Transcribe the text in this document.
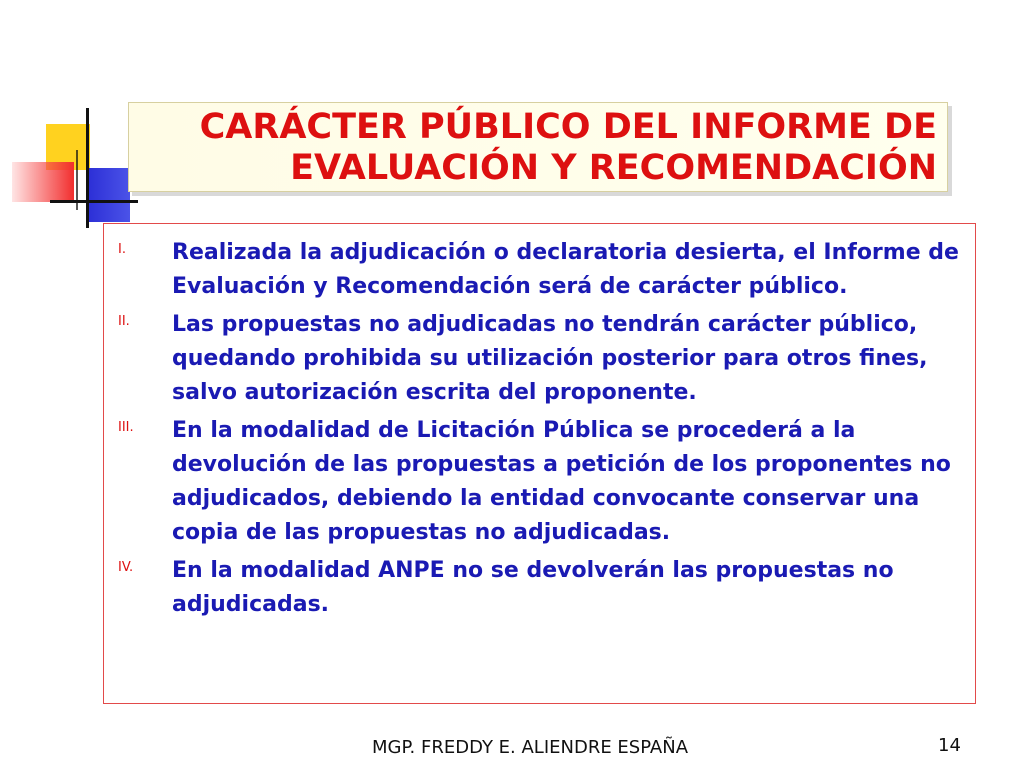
CARÁCTER PÚBLICO DEL INFORME DE
EVALUACIÓN Y RECOMENDACIÓN
I. Realizada la adjudicación o declaratoria desierta, el Informe de Evaluación y Recomendación será de carácter público.
II. Las propuestas no adjudicadas no tendrán carácter público, quedando prohibida su utilización posterior para otros fines, salvo autorización escrita del proponente.
III. En la modalidad de Licitación Pública se procederá a la devolución de las propuestas a petición de los proponentes no adjudicados, debiendo la entidad convocante conservar una copia de las propuestas no adjudicadas.
IV. En la modalidad ANPE no se devolverán las propuestas no adjudicadas.
MGP. FREDDY E. ALIENDRE ESPAÑA	14
